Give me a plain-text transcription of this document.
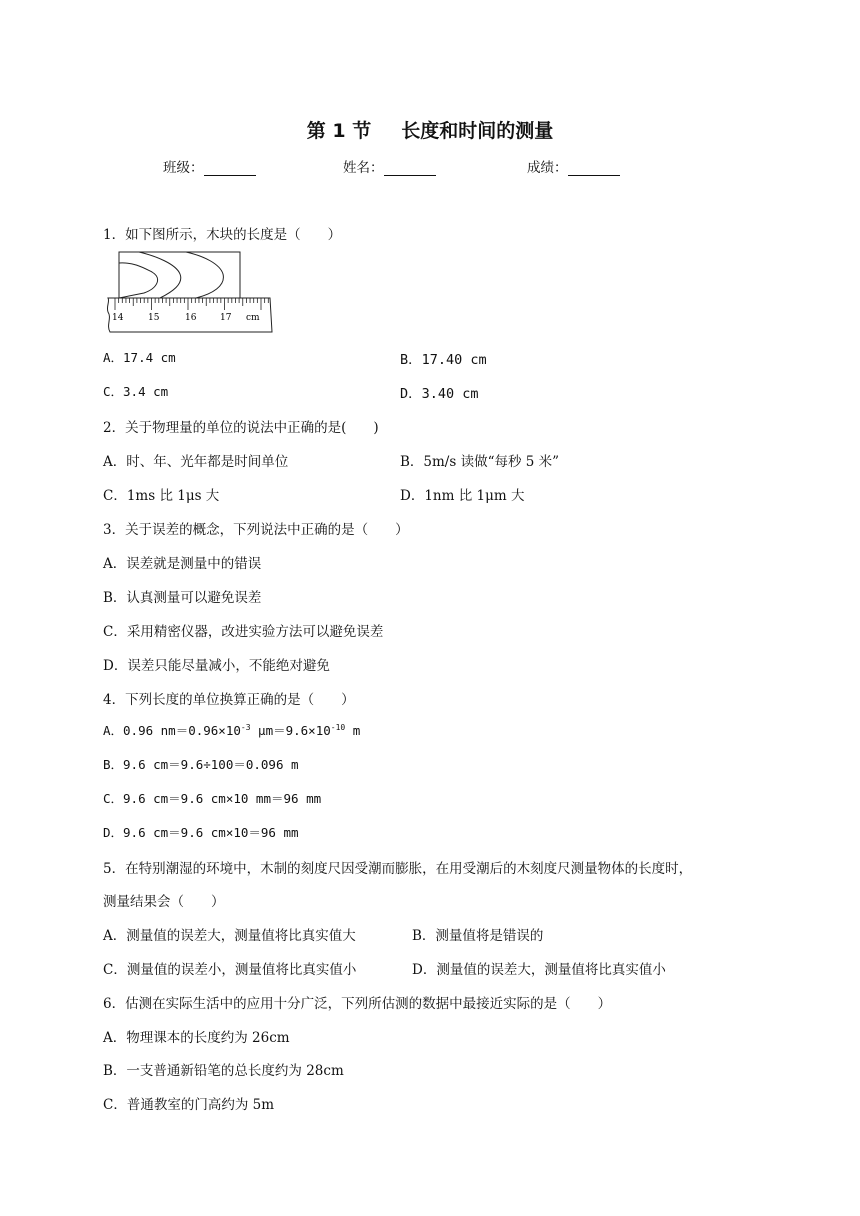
第 1 节 长度和时间的测量
班级：	姓名：	成绩：
1．如下图所示，木块的长度是（　　）
14	15	16	17 cm
A．17.4 cm	B．17.40 cm
C．3.4 cm	D．3.40 cm
2．关于物理量的单位的说法中正确的是(　　)
A．时、年、光年都是时间单位	B．5m/s 读做“每秒 5 米”
C．1ms 比 1μs 大	D．1nm 比 1μm 大
3．关于误差的概念，下列说法中正确的是（　　）
A．误差就是测量中的错误
B．认真测量可以避免误差
C．采用精密仪器，改进实验方法可以避免误差
D．误差只能尽量减小，不能绝对避免
4．下列长度的单位换算正确的是（　　）
A．0.96 $nm=0.96\times 10^{-3}$ $\mu m=9.6\times 10^{-10}$ m
B．9.6 cm＝9.6÷100＝0.096 m
C．9.6 cm＝9.6 cm×10 mm＝96 mm
D．9.6 cm＝9.6 cm×10＝96 mm
5．在特别潮湿的环境中，木制的刻度尺因受潮而膨胀，在用受潮后的木刻度尺测量物体的长度时，
测量结果会（　　）
A．测量值的误差大，测量值将比真实值大	B．测量值将是错误的
C．测量值的误差小，测量值将比真实值小	D．测量值的误差大，测量值将比真实值小
6．估测在实际生活中的应用十分广泛，下列所估测的数据中最接近实际的是（　　）
A．物理课本的长度约为 26cm
B．一支普通新铅笔的总长度约为 28cm
C．普通教室的门高约为 5m
